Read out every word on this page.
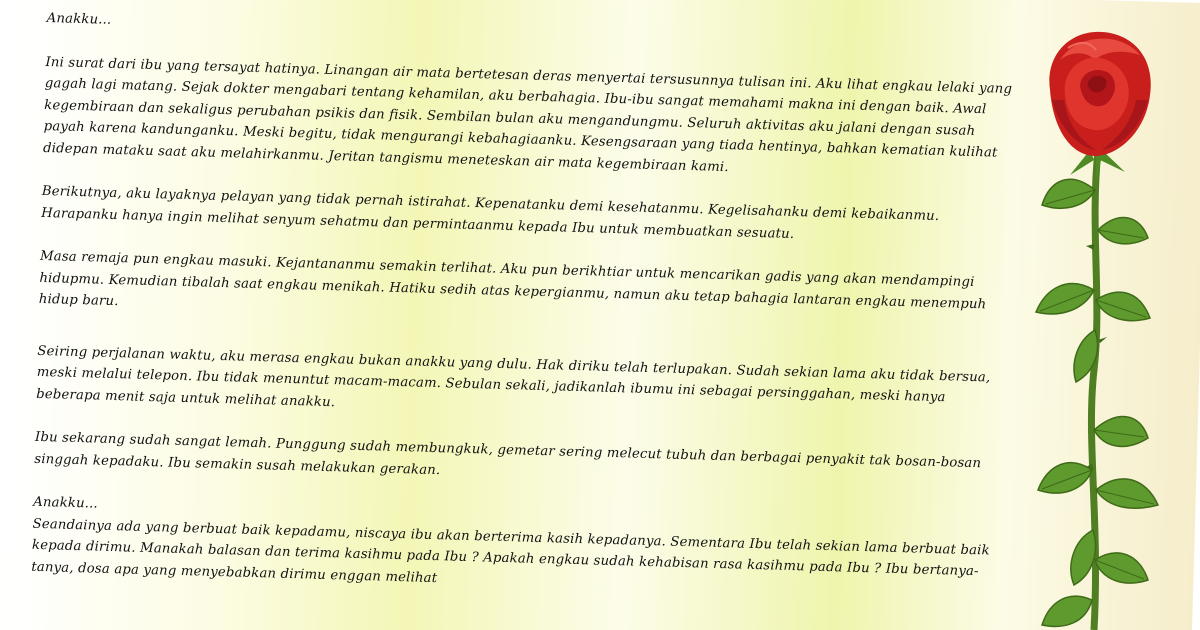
Anakku...

Ini surat dari ibu yang tersayat hatinya. Linangan air mata bertetesan deras menyertai tersusunnya tulisan ini. Aku lihat engkau lelaki yang gagah lagi matang. Sejak dokter mengabari tentang kehamilan, aku berbahagia. Ibu-ibu sangat memahami makna ini dengan baik. Awal kegembiraan dan sekaligus perubahan psikis dan fisik. Sembilan bulan aku mengandungmu. Seluruh aktivitas aku jalani dengan susah payah karena kandunganku. Meski begitu, tidak mengurangi kebahagiaanku. Kesengsaraan yang tiada hentinya, bahkan kematian kulihat didepan mataku saat aku melahirkanmu. Jeritan tangismu meneteskan air mata kegembiraan kami.

Berikutnya, aku layaknya pelayan yang tidak pernah istirahat. Kepenatanku demi kesehatanmu. Kegelisahanku demi kebaikanmu. Harapanku hanya ingin melihat senyum sehatmu dan permintaanmu kepada Ibu untuk membuatkan sesuatu.

Masa remaja pun engkau masuki. Kejantananmu semakin terlihat. Aku pun berikhtiar untuk mencarikan gadis yang akan mendampingi hidupmu. Kemudian tibalah saat engkau menikah. Hatiku sedih atas kepergianmu, namun aku tetap bahagia lantaran engkau menempuh hidup baru.

Seiring perjalanan waktu, aku merasa engkau bukan anakku yang dulu. Hak diriku telah terlupakan. Sudah sekian lama aku tidak bersua, meski melalui telepon. Ibu tidak menuntut macam-macam. Sebulan sekali, jadikanlah ibumu ini sebagai persinggahan, meski hanya beberapa menit saja untuk melihat anakku.

Ibu sekarang sudah sangat lemah. Punggung sudah membungkuk, gemetar sering melecut tubuh dan berbagai penyakit tak bosan-bosan singgah kepadaku. Ibu semakin susah melakukan gerakan.

Anakku...

Seandainya ada yang berbuat baik kepadamu, niscaya ibu akan berterima kasih kepadanya. Sementara Ibu telah sekian lama berbuat baik kepada dirimu. Manakah balasan dan terima kasihmu pada Ibu ? Apakah engkau sudah kehabisan rasa kasihmu pada Ibu ? Ibu bertanya-tanya, dosa apa yang menyebabkan dirimu enggan melihat
